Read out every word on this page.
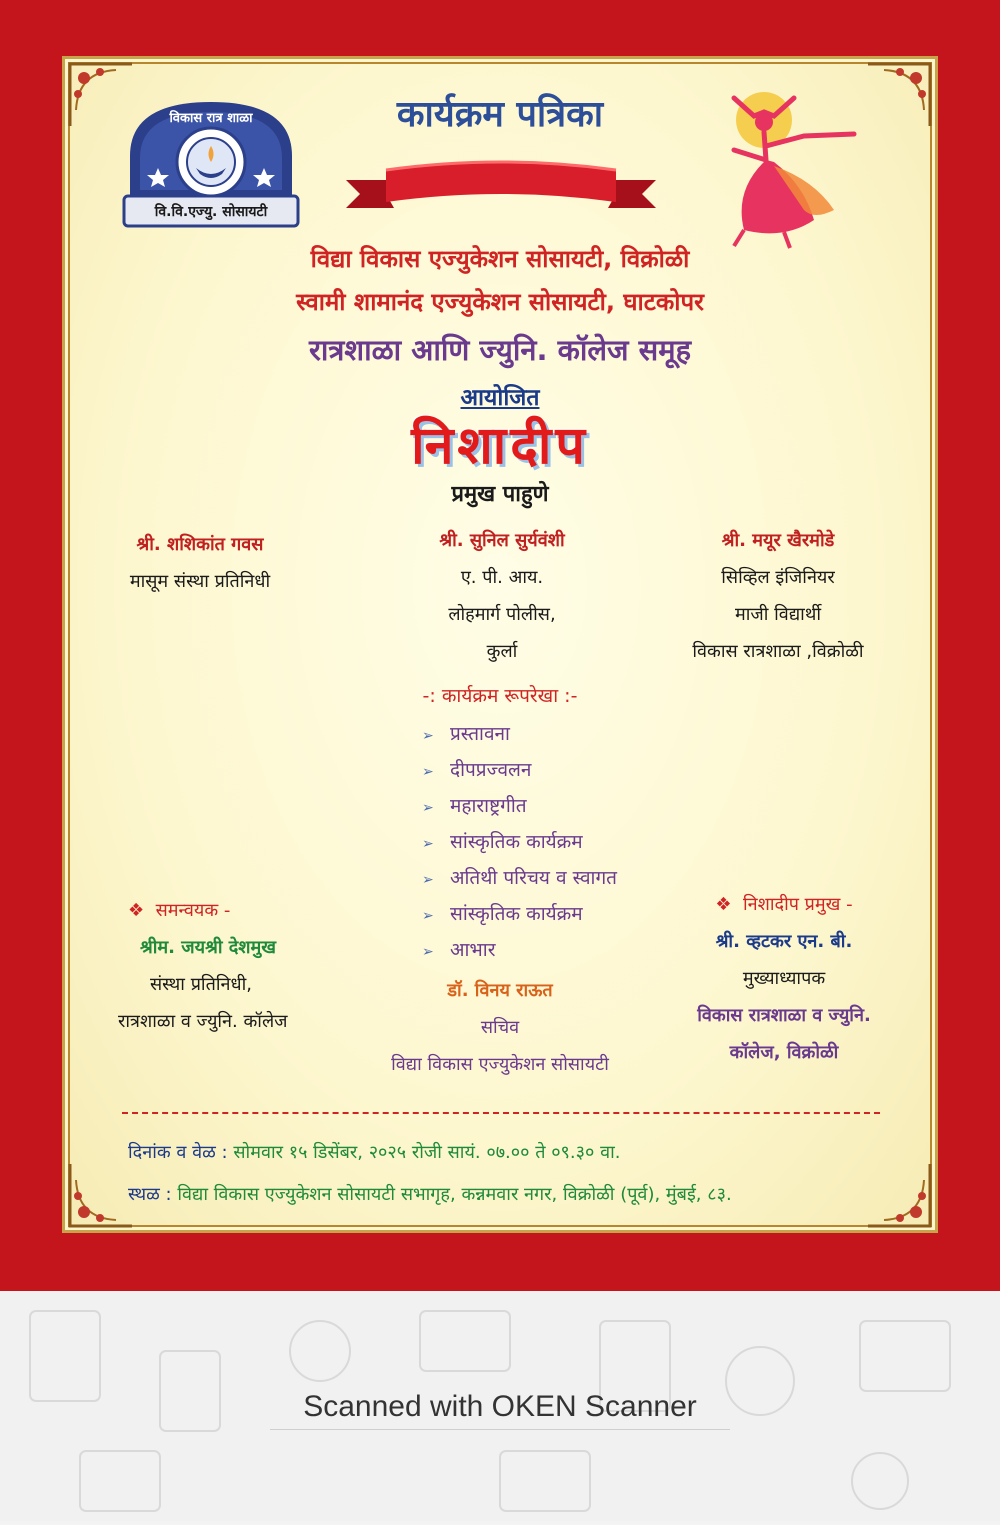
विकास रात्र शाळा
वि.वि.एज्यु. सोसायटी
कार्यक्रम पत्रिका
विद्या विकास एज्युकेशन सोसायटी, विक्रोळी
स्वामी शामानंद एज्युकेशन सोसायटी, घाटकोपर
रात्रशाळा आणि ज्युनि. कॉलेज समूह
आयोजित
निशादीप
प्रमुख पाहुणे
श्री. शशिकांत गवस
मासूम संस्था प्रतिनिधी
श्री. सुनिल सुर्यवंशी
ए. पी. आय.
लोहमार्ग पोलीस,
कुर्ला
श्री. मयूर खैरमोडे
सिव्हिल इंजिनियर
माजी विद्यार्थी
विकास रात्रशाळा ,विक्रोळी
-: कार्यक्रम रूपरेखा :-
➢ प्रस्तावना
➢ दीपप्रज्वलन
➢ महाराष्ट्रगीत
➢ सांस्कृतिक कार्यक्रम
➢ अतिथी परिचय व स्वागत
➢ सांस्कृतिक कार्यक्रम
➢ आभार
❖  समन्वयक -
श्रीम. जयश्री देशमुख
संस्था प्रतिनिधी,
रात्रशाळा व ज्युनि. कॉलेज
डॉ. विनय राऊत
सचिव
विद्या विकास एज्युकेशन सोसायटी
❖  निशादीप प्रमुख -
श्री. व्हटकर एन. बी.
मुख्याध्यापक
विकास रात्रशाळा व ज्युनि.
कॉलेज, विक्रोळी
दिनांक व वेळ : सोमवार १५ डिसेंबर, २०२५ रोजी सायं. ०७.०० ते ०९.३० वा.
स्थळ : विद्या विकास एज्युकेशन सोसायटी सभागृह, कन्नमवार नगर, विक्रोळी (पूर्व), मुंबई, ८३.
Scanned with OKEN Scanner
